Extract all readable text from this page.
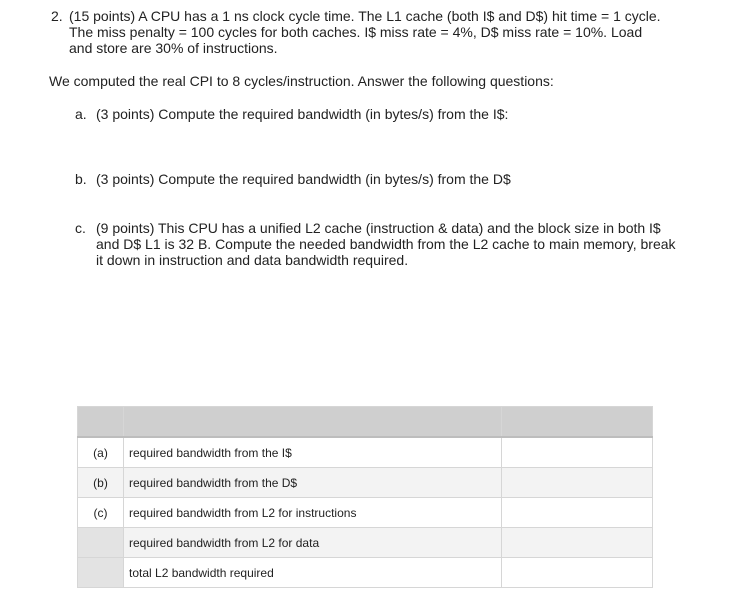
2. (15 points) A CPU has a 1 ns clock cycle time. The L1 cache (both I$ and D$) hit time = 1 cycle. The miss penalty = 100 cycles for both caches. I$ miss rate = 4%, D$ miss rate = 10%. Load and store are 30% of instructions.
We computed the real CPI to 8 cycles/instruction. Answer the following questions:
a. (3 points) Compute the required bandwidth (in bytes/s) from the I$:
b. (3 points) Compute the required bandwidth (in bytes/s) from the D$
c. (9 points) This CPU has a unified L2 cache (instruction & data) and the block size in both I$ and D$ L1 is 32 B. Compute the needed bandwidth from the L2 cache to main memory, break it down in instruction and data bandwidth required.

(a)	required bandwidth from the I$	
(b)	required bandwidth from the D$	
(c)	required bandwidth from L2 for instructions	
	required bandwidth from L2 for data	
	total L2 bandwidth required	
